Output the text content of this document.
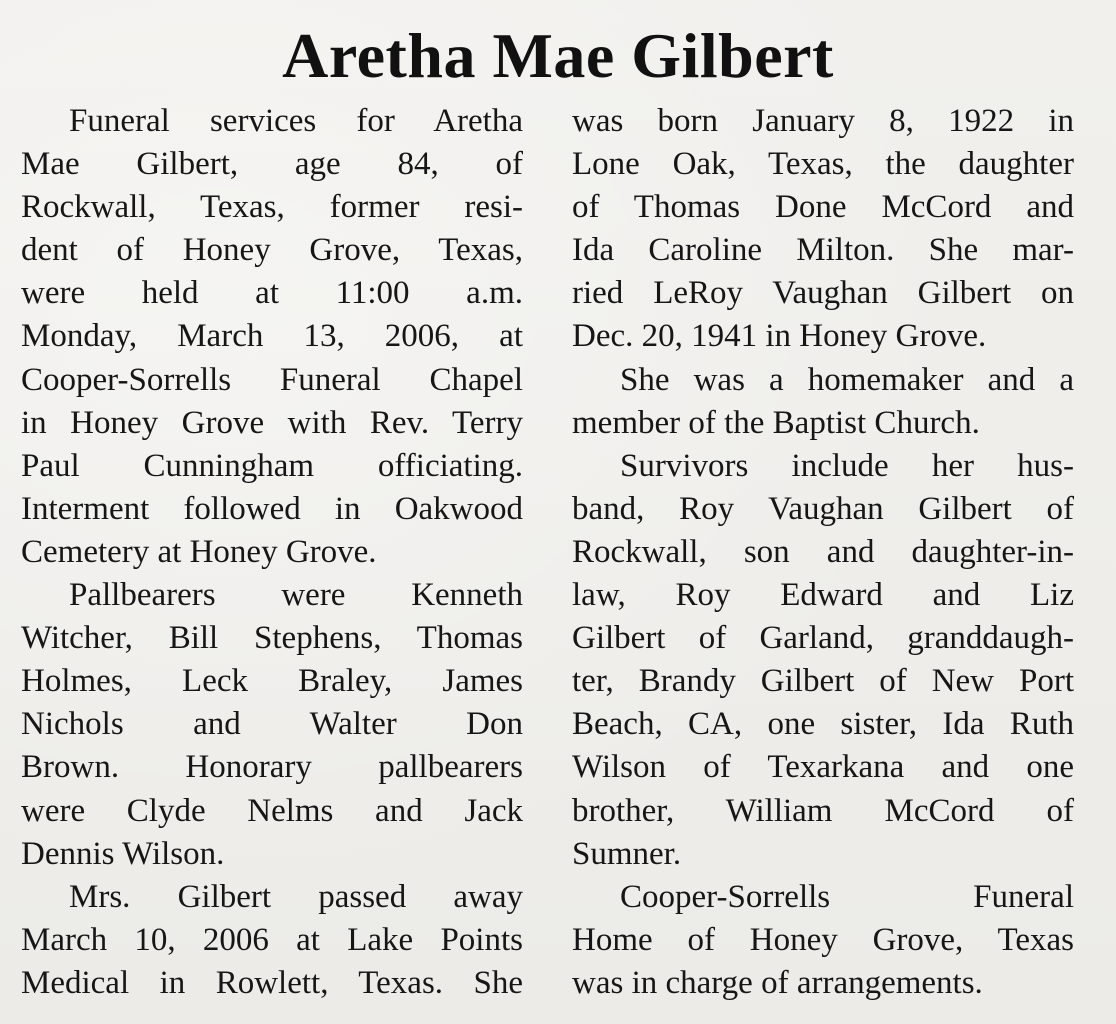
Aretha Mae Gilbert
Funeral services for Aretha
Mae Gilbert, age 84, of
Rockwall, Texas, former resi-
dent of Honey Grove, Texas,
were held at 11:00 a.m.
Monday, March 13, 2006, at
Cooper-Sorrells Funeral Chapel
in Honey Grove with Rev. Terry
Paul Cunningham officiating.
Interment followed in Oakwood
Cemetery at Honey Grove.
Pallbearers were Kenneth
Witcher, Bill Stephens, Thomas
Holmes, Leck Braley, James
Nichols and Walter Don
Brown. Honorary pallbearers
were Clyde Nelms and Jack
Dennis Wilson.
Mrs. Gilbert passed away
March 10, 2006 at Lake Points
Medical in Rowlett, Texas. She
was born January 8, 1922 in
Lone Oak, Texas, the daughter
of Thomas Done McCord and
Ida Caroline Milton. She mar-
ried LeRoy Vaughan Gilbert on
Dec. 20, 1941 in Honey Grove.
She was a homemaker and a
member of the Baptist Church.
Survivors include her hus-
band, Roy Vaughan Gilbert of
Rockwall, son and daughter-in-
law, Roy Edward and Liz
Gilbert of Garland, granddaugh-
ter, Brandy Gilbert of New Port
Beach, CA, one sister, Ida Ruth
Wilson of Texarkana and one
brother, William McCord of
Sumner.
Cooper-Sorrells Funeral
Home of Honey Grove, Texas
was in charge of arrangements.
